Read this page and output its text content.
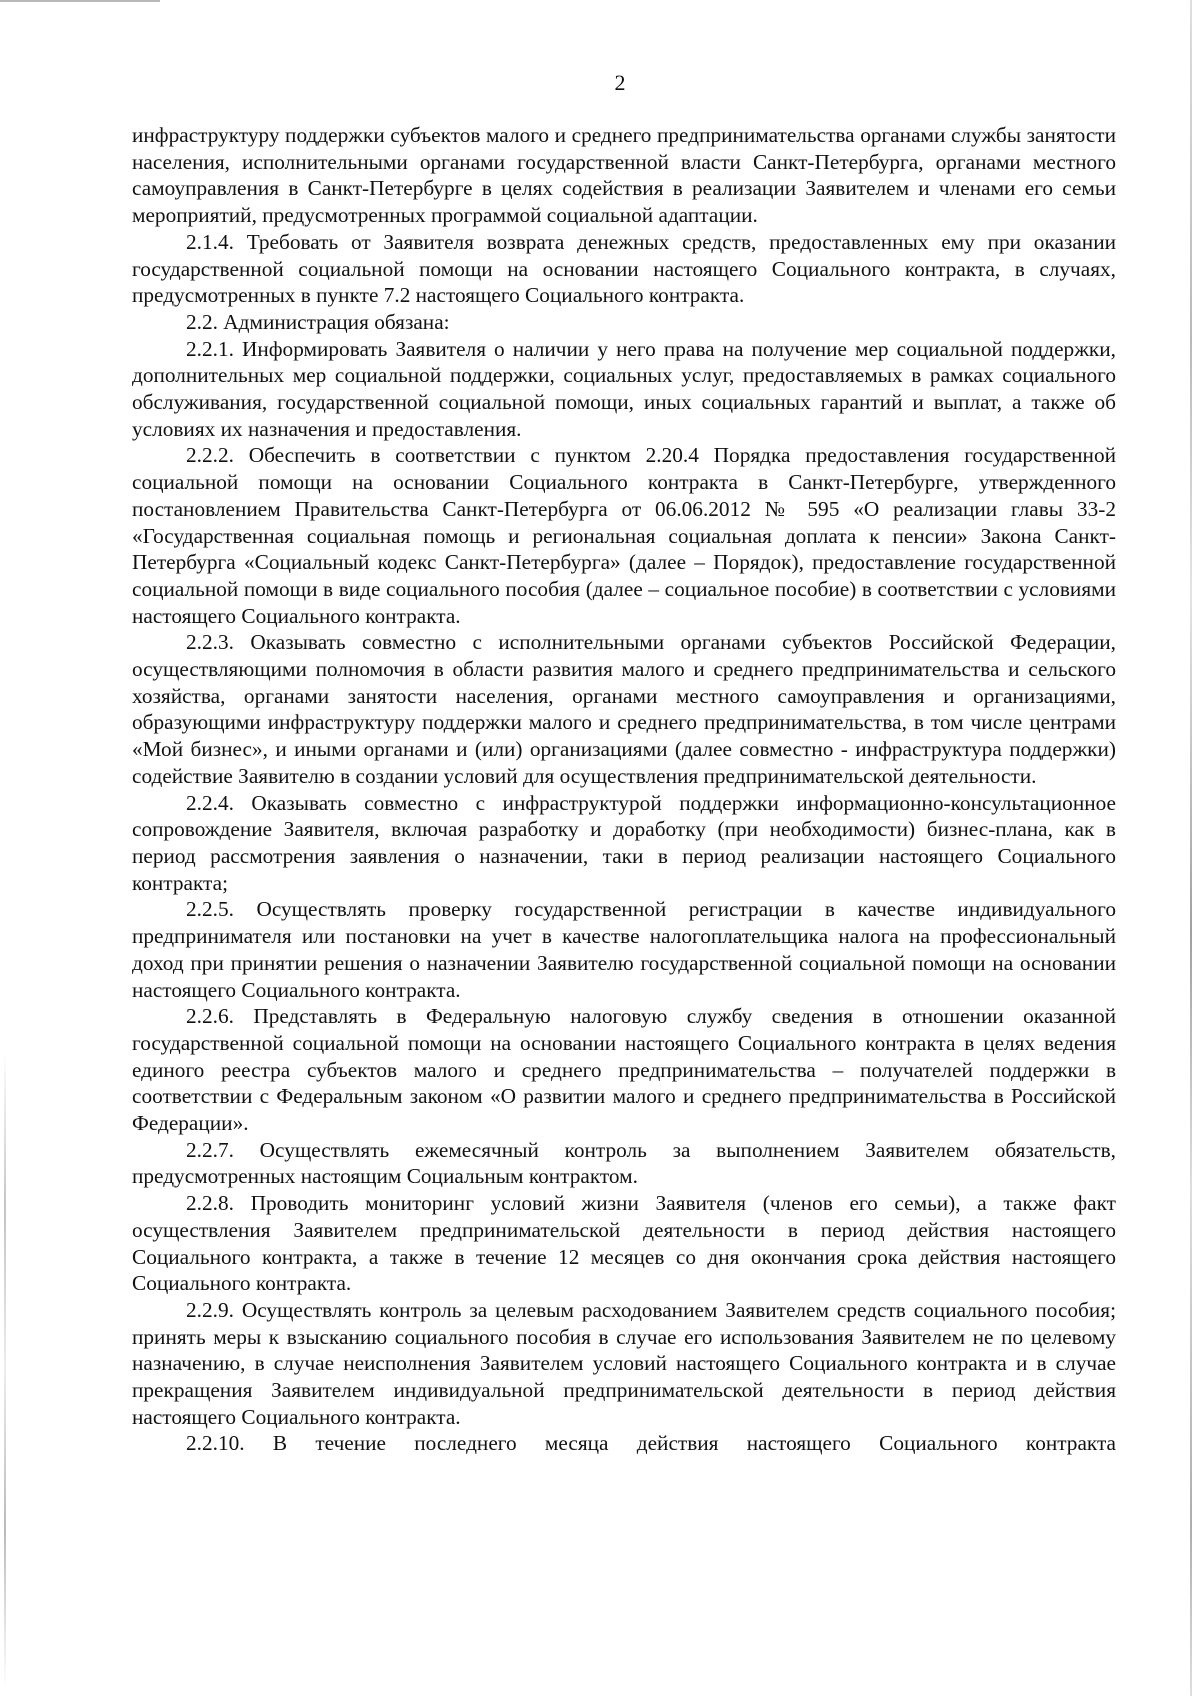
2

инфраструктуру поддержки субъектов малого и среднего предпринимательства органами службы занятости населения, исполнительными органами государственной власти Санкт-Петербурга, органами местного самоуправления в Санкт-Петербурге в целях содействия в реализации Заявителем и членами его семьи мероприятий, предусмотренных программой социальной адаптации.

2.1.4. Требовать от Заявителя возврата денежных средств, предоставленных ему при оказании государственной социальной помощи на основании настоящего Социального контракта, в случаях, предусмотренных в пункте 7.2 настоящего Социального контракта.

2.2. Администрация обязана:

2.2.1. Информировать Заявителя о наличии у него права на получение мер социальной поддержки, дополнительных мер социальной поддержки, социальных услуг, предоставляемых в рамках социального обслуживания, государственной социальной помощи, иных социальных гарантий и выплат, а также об условиях их назначения и предоставления.

2.2.2. Обеспечить в соответствии с пунктом 2.20.4 Порядка предоставления государственной социальной помощи на основании Социального контракта в Санкт-Петербурге, утвержденного постановлением Правительства Санкт-Петербурга от 06.06.2012 № 595 «О реализации главы 33-2 «Государственная социальная помощь и региональная социальная доплата к пенсии» Закона Санкт-Петербурга «Социальный кодекс Санкт-Петербурга» (далее – Порядок), предоставление государственной социальной помощи в виде социального пособия (далее – социальное пособие) в соответствии с условиями настоящего Социального контракта.

2.2.3. Оказывать совместно с исполнительными органами субъектов Российской Федерации, осуществляющими полномочия в области развития малого и среднего предпринимательства и сельского хозяйства, органами занятости населения, органами местного самоуправления и организациями, образующими инфраструктуру поддержки малого и среднего предпринимательства, в том числе центрами «Мой бизнес», и иными органами и (или) организациями (далее совместно - инфраструктура поддержки) содействие Заявителю в создании условий для осуществления предпринимательской деятельности.

2.2.4. Оказывать совместно с инфраструктурой поддержки информационно-консультационное сопровождение Заявителя, включая разработку и доработку (при необходимости) бизнес-плана, как в период рассмотрения заявления о назначении, таки в период реализации настоящего Социального контракта;

2.2.5. Осуществлять проверку государственной регистрации в качестве индивидуального предпринимателя или постановки на учет в качестве налогоплательщика налога на профессиональный доход при принятии решения о назначении Заявителю государственной социальной помощи на основании настоящего Социального контракта.

2.2.6. Представлять в Федеральную налоговую службу сведения в отношении оказанной государственной социальной помощи на основании настоящего Социального контракта в целях ведения единого реестра субъектов малого и среднего предпринимательства – получателей поддержки в соответствии с Федеральным законом «О развитии малого и среднего предпринимательства в Российской Федерации».

2.2.7. Осуществлять ежемесячный контроль за выполнением Заявителем обязательств, предусмотренных настоящим Социальным контрактом.

2.2.8. Проводить мониторинг условий жизни Заявителя (членов его семьи), а также факт осуществления Заявителем предпринимательской деятельности в период действия настоящего Социального контракта, а также в течение 12 месяцев со дня окончания срока действия настоящего Социального контракта.

2.2.9. Осуществлять контроль за целевым расходованием Заявителем средств социального пособия; принять меры к взысканию социального пособия в случае его использования Заявителем не по целевому назначению, в случае неисполнения Заявителем условий настоящего Социального контракта и в случае прекращения Заявителем индивидуальной предпринимательской деятельности в период действия настоящего Социального контракта.

2.2.10. В течение последнего месяца действия настоящего Социального контракта
